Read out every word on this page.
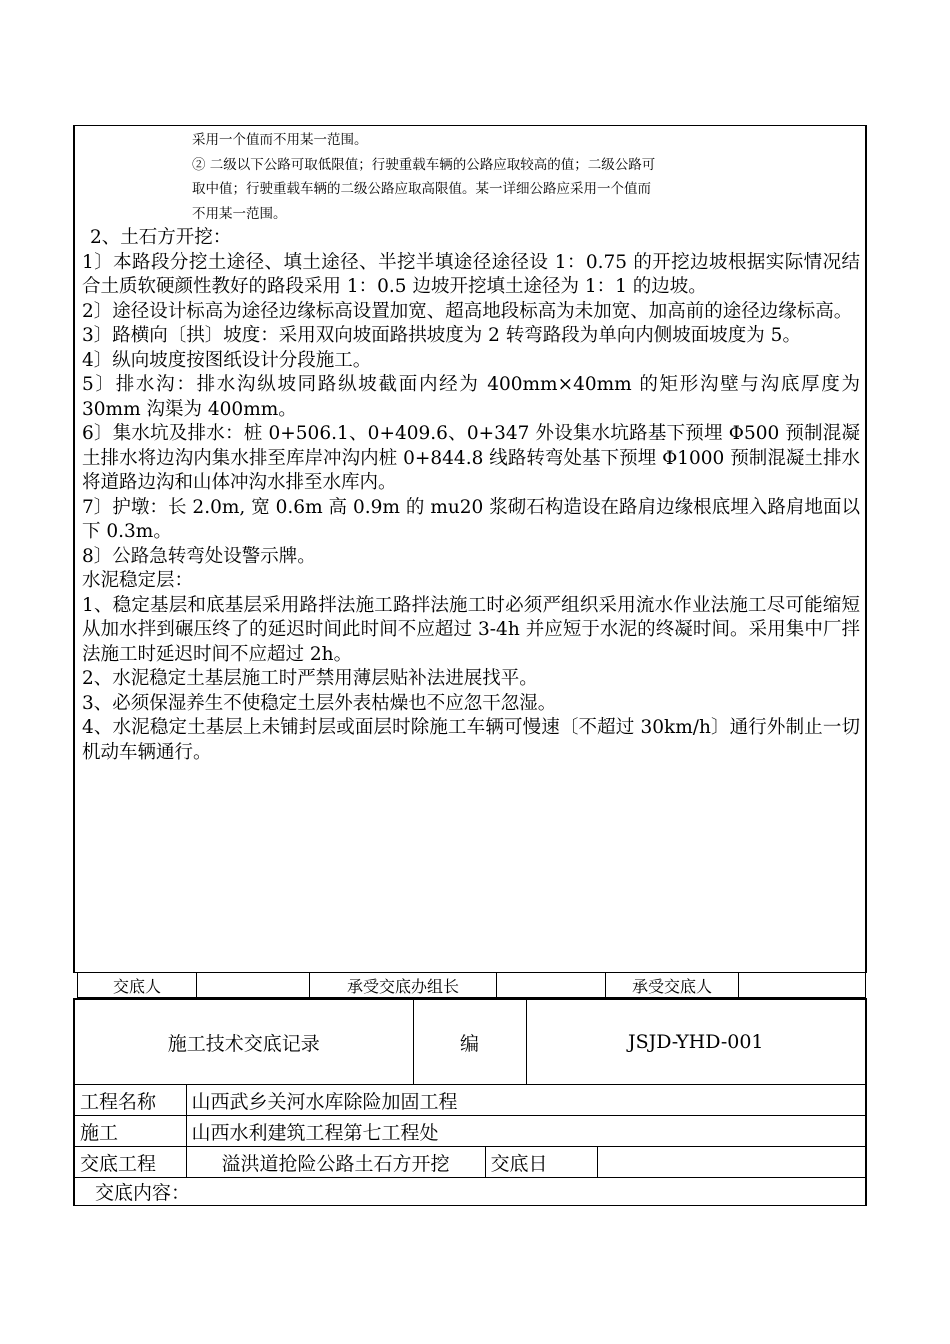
采用一个值而不用某一范围。
② 二级以下公路可取低限值；行驶重载车辆的公路应取较高的值；二级公路可
取中值；行驶重载车辆的二级公路应取高限值。某一详细公路应采用一个值而
不用某一范围。
2、土石方开挖：
1〕本路段分挖土途径、填土途径、半挖半填途径途径设 1：0.75 的开挖边坡根据实际情况结合土质软硬颜性教好的路段采用 1：0.5 边坡开挖填土途径为 1：1 的边坡。
2〕途径设计标高为途径边缘标高设置加宽、超高地段标高为未加宽、加高前的途径边缘标高。
3〕路横向〔拱〕坡度：采用双向坡面路拱坡度为 2 转弯路段为单向内侧坡面坡度为 5。
4〕纵向坡度按图纸设计分段施工。
5〕排水沟：排水沟纵坡同路纵坡截面内经为 400mm×40mm 的矩形沟壁与沟底厚度为 30mm 沟渠为 400mm。
6〕集水坑及排水：桩 0+506.1、0+409.6、0+347 外设集水坑路基下预埋 Φ500 预制混凝土排水将边沟内集水排至库岸冲沟内桩 0+844.8 线路转弯处基下预埋 Φ1000 预制混凝土排水将道路边沟和山体冲沟水排至水库内。
7〕护墩：长 2.0m, 宽 0.6m 高 0.9m 的 mu20 浆砌石构造设在路肩边缘根底埋入路肩地面以下 0.3m。
8〕公路急转弯处设警示牌。
水泥稳定层：
1、稳定基层和底基层采用路拌法施工路拌法施工时必须严组织采用流水作业法施工尽可能缩短从加水拌到碾压终了的延迟时间此时间不应超过 3-4h 并应短于水泥的终凝时间。采用集中厂拌法施工时延迟时间不应超过 2h。
2、水泥稳定土基层施工时严禁用薄层贴补法进展找平。
3、必须保湿养生不使稳定土层外表枯燥也不应忽干忽湿。
4、水泥稳定土基层上未铺封层或面层时除施工车辆可慢速〔不超过 30km/h〕通行外制止一切机动车辆通行。
交底人		承受交底办组长		承受交底人	
施工技术交底记录		编		JSJD-YHD-001	
工程名称	山西武乡关河水库除险加固工程				
施工	山西水利建筑工程第七工程处				
交底工程	溢洪道抢险公路土石方开挖		交底日		
交底内容：					
